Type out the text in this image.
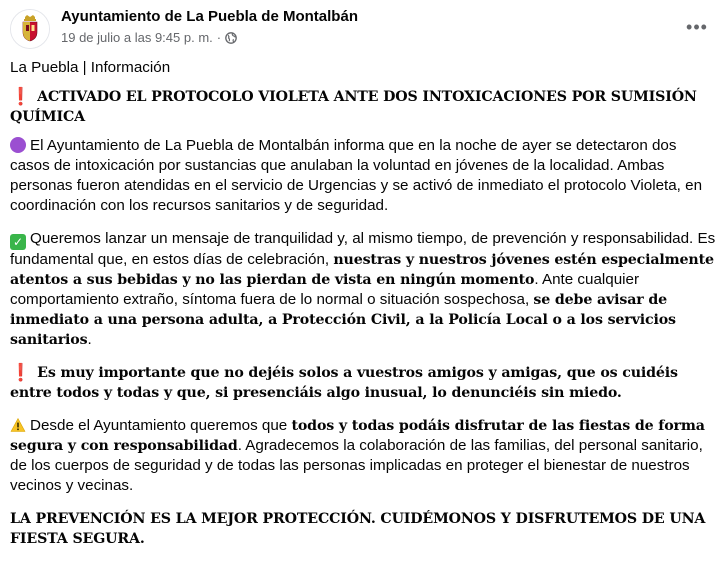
Ayuntamiento de La Puebla de Montalbán
19 de julio a las 9:45 p. m. ·
•••

La Puebla | Información

❗ ACTIVADO EL PROTOCOLO VIOLETA ANTE DOS INTOXICACIONES POR SUMISIÓN QUÍMICA

El Ayuntamiento de La Puebla de Montalbán informa que en la noche de ayer se detectaron dos casos de intoxicación por sustancias que anulaban la voluntad en jóvenes de la localidad. Ambas personas fueron atendidas en el servicio de Urgencias y se activó de inmediato el protocolo Violeta, en coordinación con los recursos sanitarios y de seguridad.

✓ Queremos lanzar un mensaje de tranquilidad y, al mismo tiempo, de prevención y responsabilidad. Es fundamental que, en estos días de celebración, nuestras y nuestros jóvenes estén especialmente atentos a sus bebidas y no las pierdan de vista en ningún momento. Ante cualquier comportamiento extraño, síntoma fuera de lo normal o situación sospechosa, se debe avisar de inmediato a una persona adulta, a Protección Civil, a la Policía Local o a los servicios sanitarios.

❗ Es muy importante que no dejéis solos a vuestros amigos y amigas, que os cuidéis entre todos y todas y que, si presenciáis algo inusual, lo denunciéis sin miedo.

Desde el Ayuntamiento queremos que todos y todas podáis disfrutar de las fiestas de forma segura y con responsabilidad. Agradecemos la colaboración de las familias, del personal sanitario, de los cuerpos de seguridad y de todas las personas implicadas en proteger el bienestar de nuestros vecinos y vecinas.

LA PREVENCIÓN ES LA MEJOR PROTECCIÓN. CUIDÉMONOS Y DISFRUTEMOS DE UNA FIESTA SEGURA.
